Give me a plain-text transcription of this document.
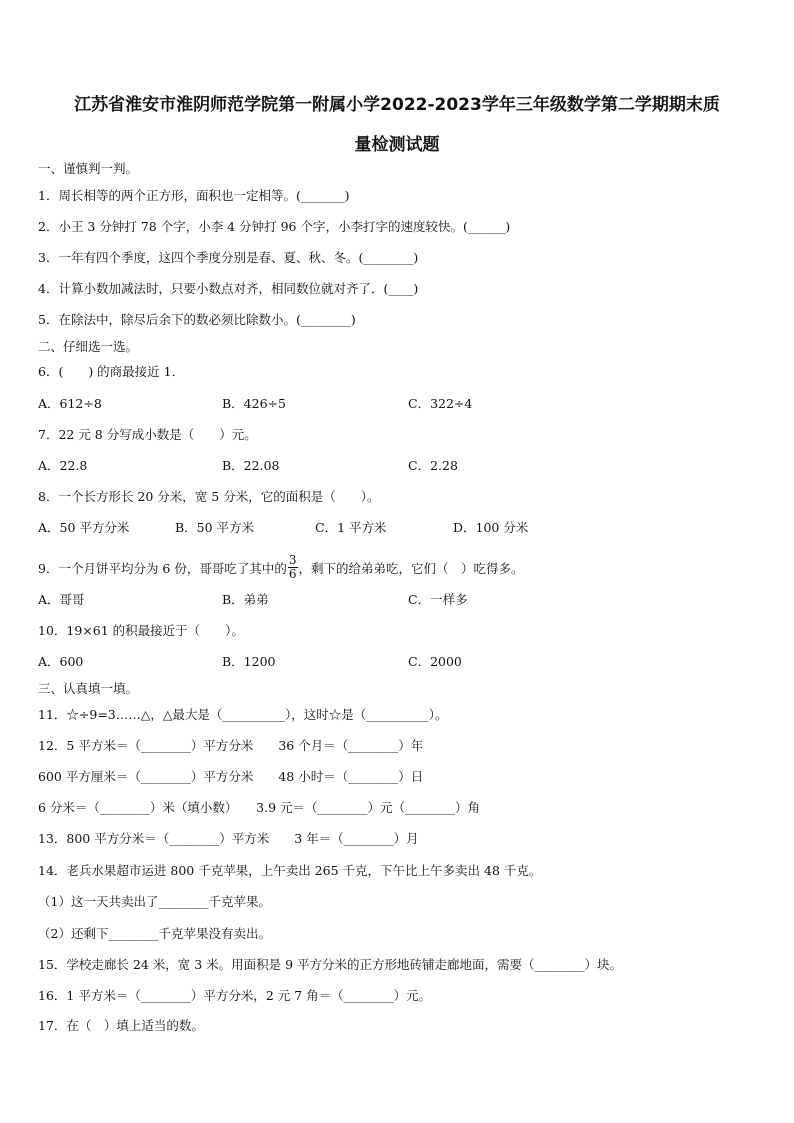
江苏省淮安市淮阴师范学院第一附属小学2022-2023学年三年级数学第二学期期末质
量检测试题
一、谨慎判一判。
1．周长相等的两个正方形，面积也一定相等。(_______)
2．小王 3 分钟打 78 个字，小李 4 分钟打 96 个字，小李打字的速度较快。(______)
3．一年有四个季度，这四个季度分别是春、夏、秋、冬。(________)
4．计算小数加减法时，只要小数点对齐，相同数位就对齐了．(____)
5．在除法中，除尽后余下的数必须比除数小。(________)
二、仔细选一选。
6．(　　) 的商最接近 1．
A．612÷8	B．426÷5	C．322÷4
7．22 元 8 分写成小数是（　　）元。
A．22.8	B．22.08	C．2.28
8．一个长方形长 20 分米，宽 5 分米，它的面积是（　　）。
A．50 平方分米	B．50 平方米	C．1 平方米	D．100 分米
9．一个月饼平均分为 6 份，哥哥吃了其中的 $\frac{3}{6}$ ，剩下的给弟弟吃，它们（　）吃得多。
A．哥哥	B．弟弟	C．一样多
10．19×61 的积最接近于（　　）。
A．600	B．1200	C．2000
三、认真填一填。
11．☆÷9=3……△，△最大是（__________），这时☆是（__________）。
12．5 平方米＝（________）平方分米　　36 个月＝（________）年
600 平方厘米＝（________）平方分米　　48 小时＝（________）日
6 分米＝（________）米（填小数）　　3.9 元＝（________）元（________）角
13．800 平方分米＝（________）平方米　　3 年＝（________）月
14．老兵水果超市运进 800 千克苹果，上午卖出 265 千克，下午比上午多卖出 48 千克。
（1）这一天共卖出了________千克苹果。
（2）还剩下________千克苹果没有卖出。
15．学校走廊长 24 米，宽 3 米。用面积是 9 平方分米的正方形地砖铺走廊地面，需要（________）块。
16．1 平方米＝（________）平方分米，2 元 7 角＝（________）元。
17．在（　）填上适当的数。
